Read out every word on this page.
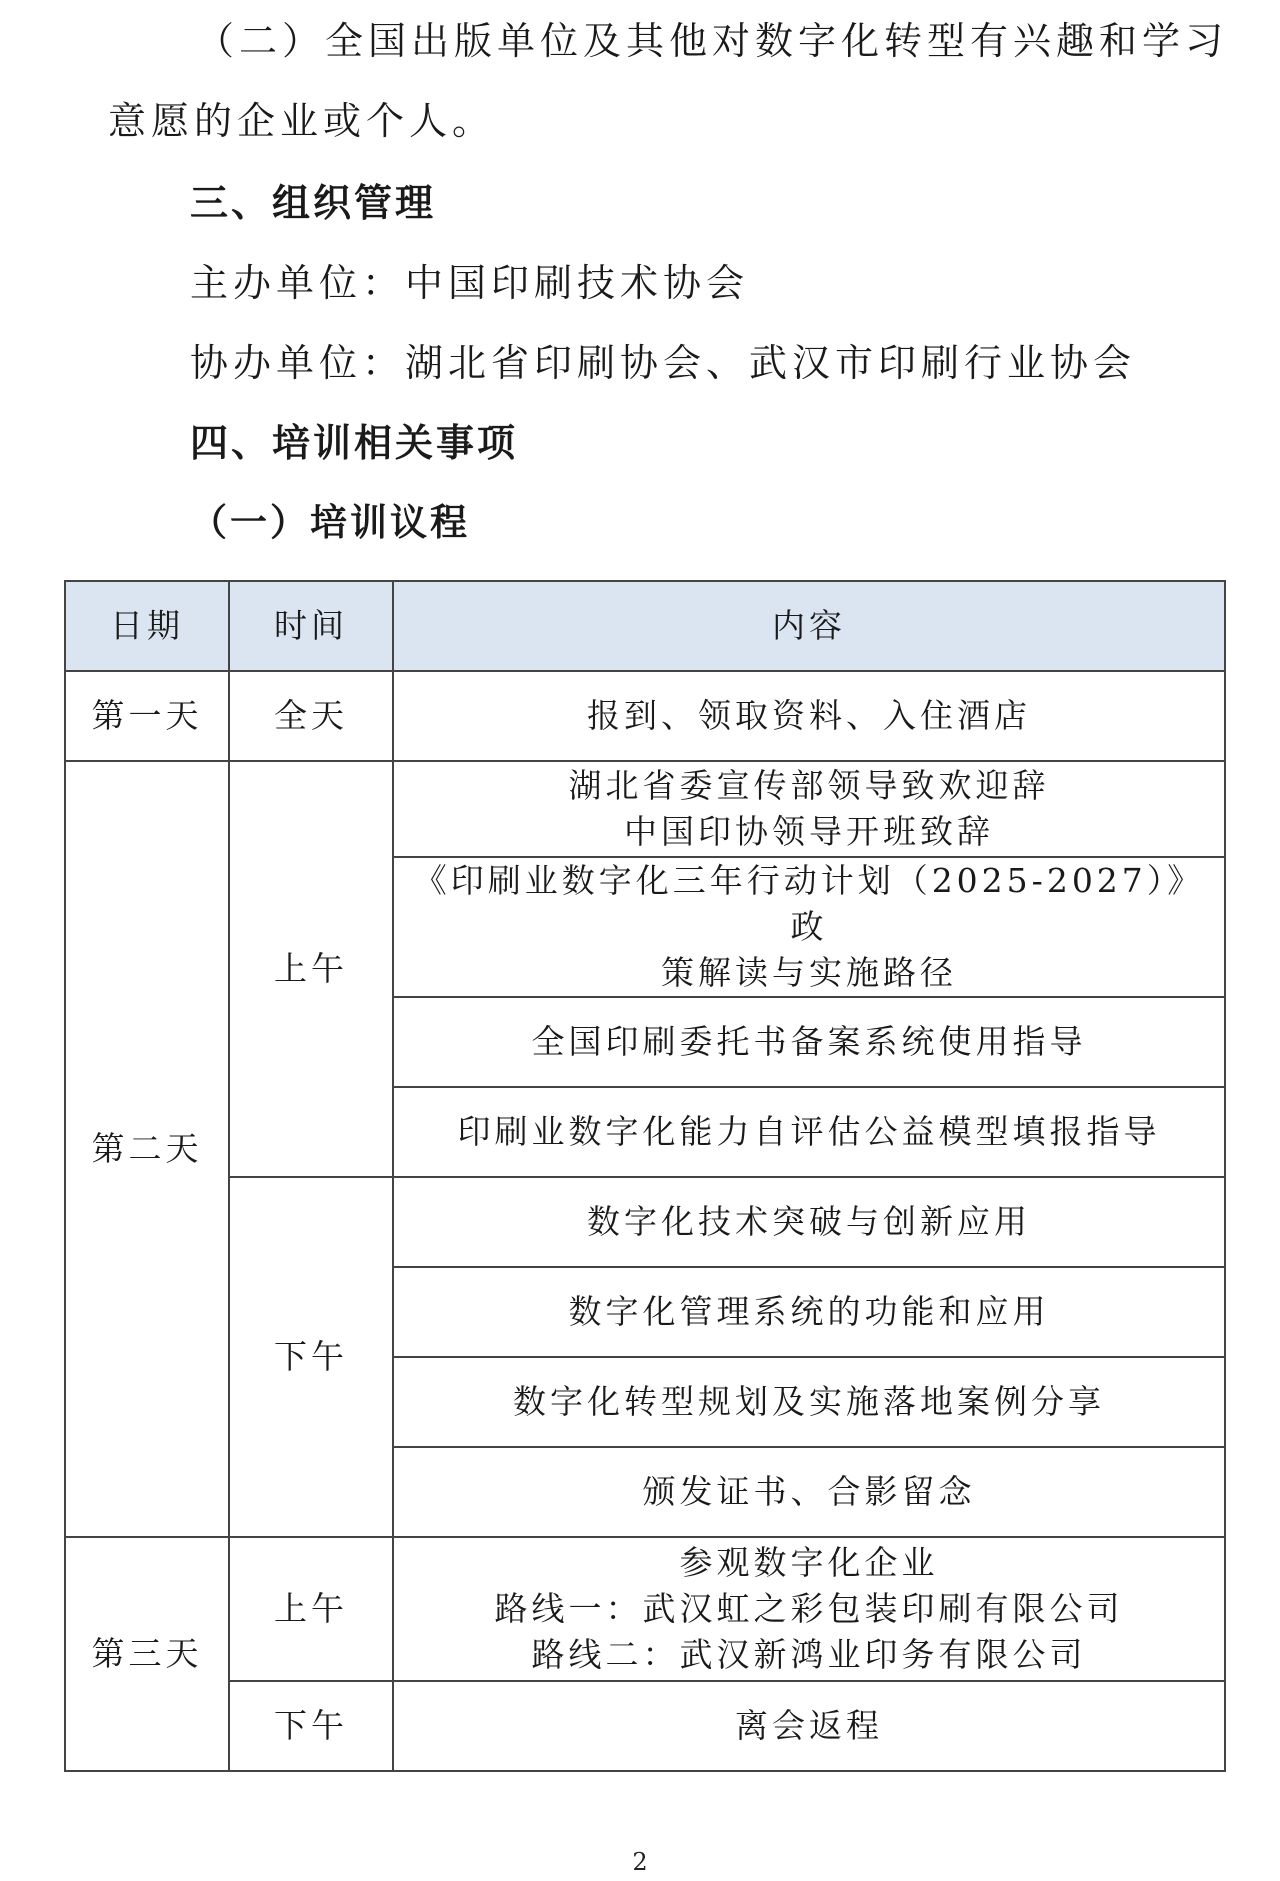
（二）全国出版单位及其他对数字化转型有兴趣和学习
意愿的企业或个人。
三、组织管理
主办单位：中国印刷技术协会
协办单位：湖北省印刷协会、武汉市印刷行业协会
四、培训相关事项
（一）培训议程
日期	时间	内容
第一天	全天	报到、领取资料、入住酒店
第二天	上午	湖北省委宣传部领导致欢迎辞
中国印协领导开班致辞

		《印刷业数字化三年行动计划（2025-2027）》政
策解读与实施路径

		全国印刷委托书备案系统使用指导
		印刷业数字化能力自评估公益模型填报指导
	下午	数字化技术突破与创新应用
		数字化管理系统的功能和应用
		数字化转型规划及实施落地案例分享
		颁发证书、合影留念
第三天	上午	参观数字化企业
路线一：武汉虹之彩包装印刷有限公司
路线二：武汉新鸿业印务有限公司

	下午	离会返程
2
